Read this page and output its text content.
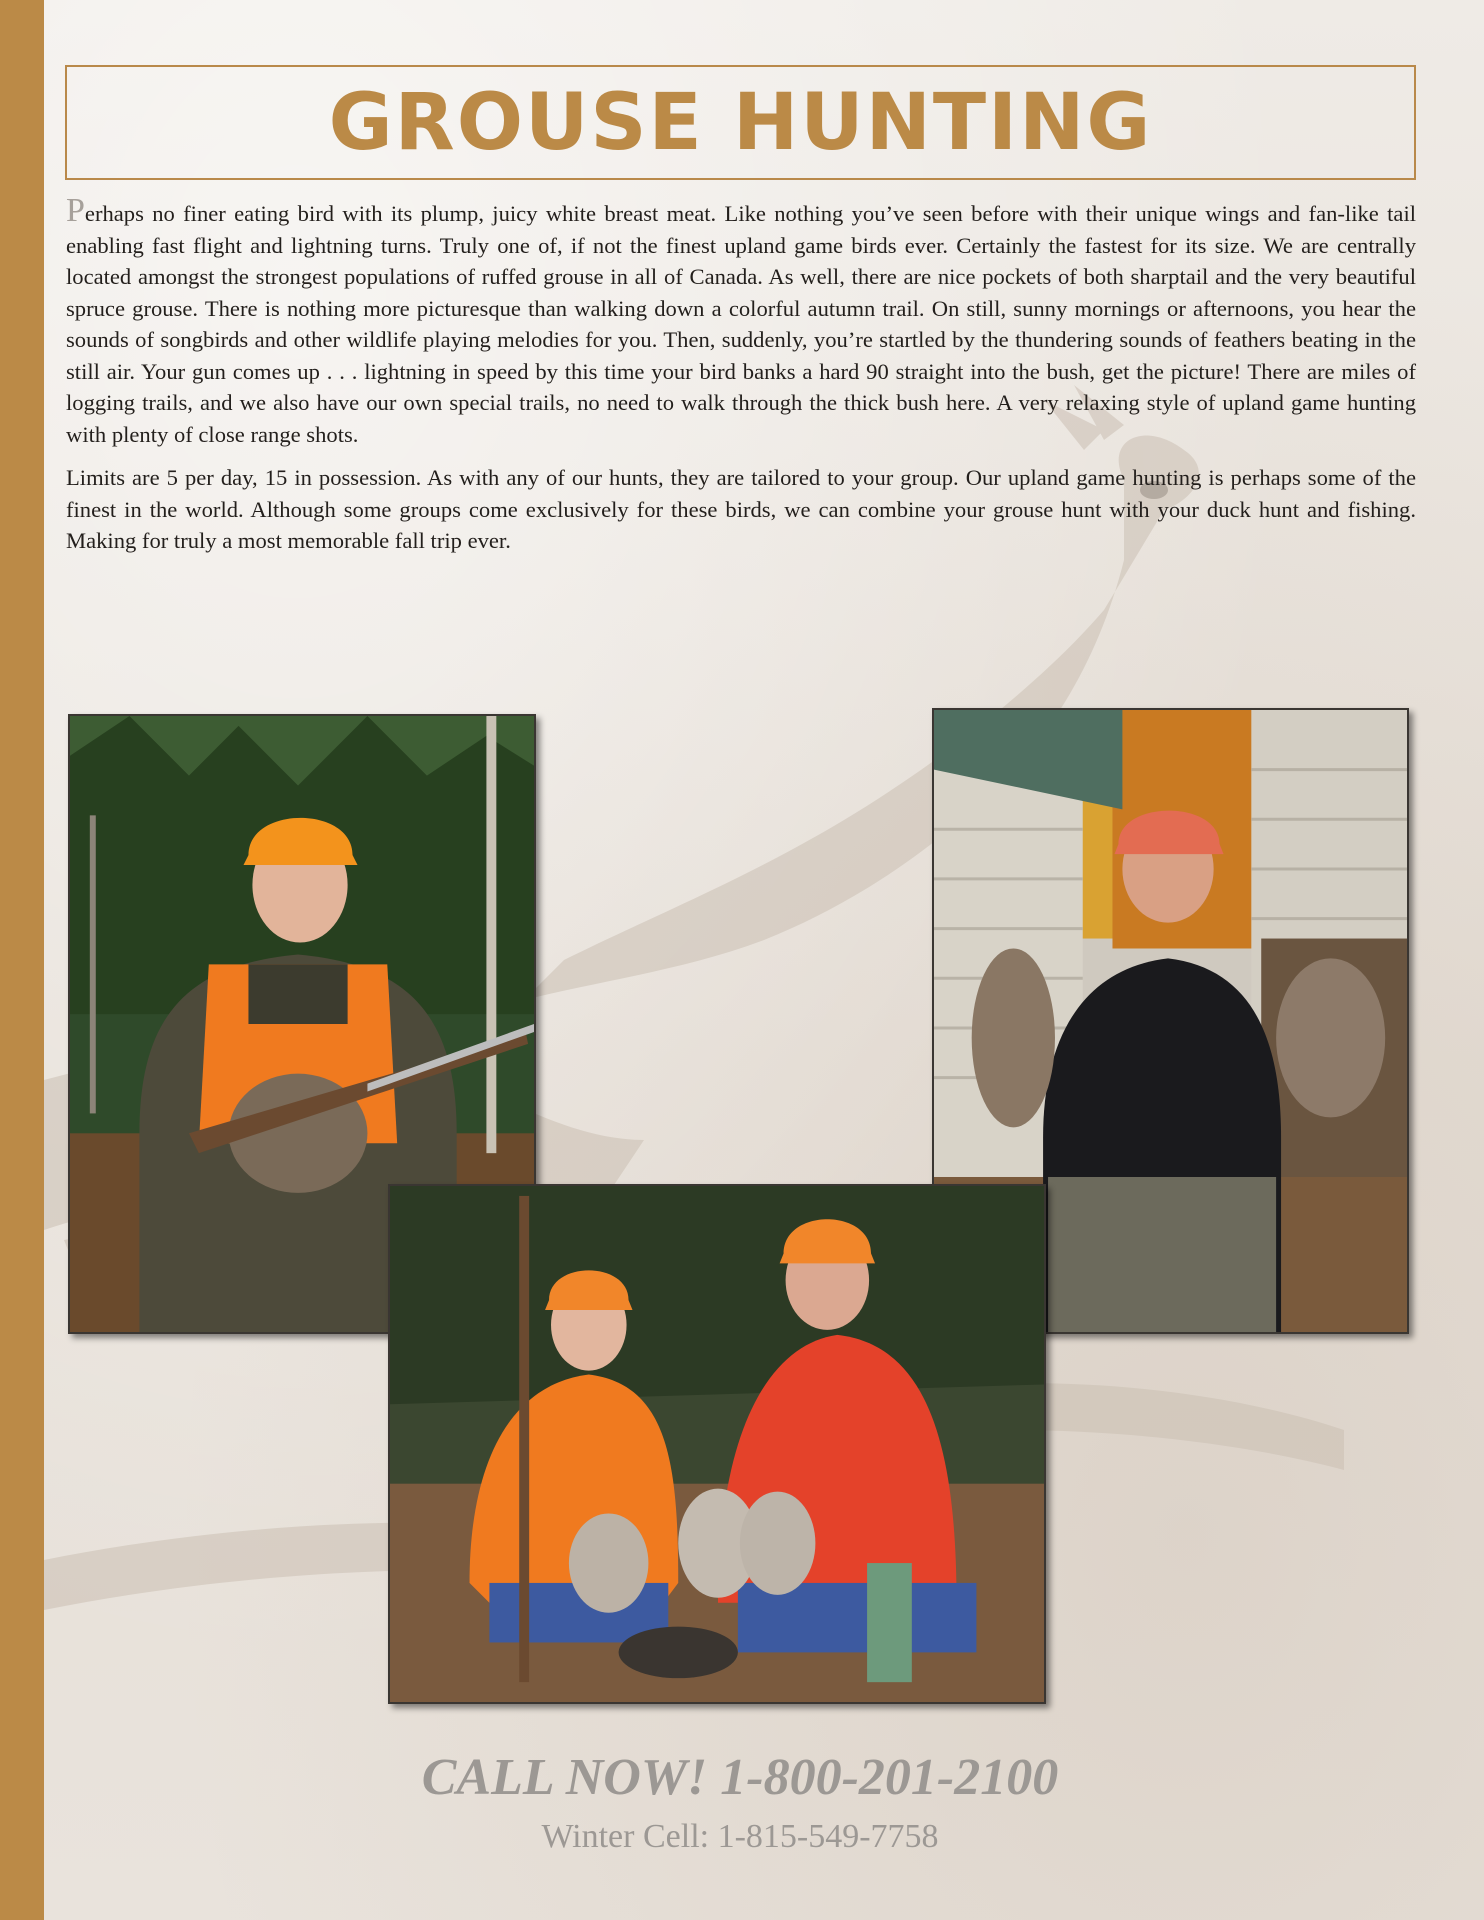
GROUSE HUNTING

Perhaps no finer eating bird with its plump, juicy white breast meat. Like nothing you’ve seen before with their unique wings and fan-like tail enabling fast flight and lightning turns. Truly one of, if not the finest upland game birds ever. Certainly the fastest for its size. We are centrally located amongst the strongest populations of ruffed grouse in all of Canada. As well, there are nice pockets of both sharptail and the very beautiful spruce grouse. There is nothing more picturesque than walking down a colorful autumn trail. On still, sunny mornings or afternoons, you hear the sounds of songbirds and other wildlife playing melodies for you. Then, suddenly, you’re startled by the thundering sounds of feathers beating in the still air. Your gun comes up . . . lightning in speed by this time your bird banks a hard 90 straight into the bush, get the picture! There are miles of logging trails, and we also have our own special trails, no need to walk through the thick bush here. A very relaxing style of upland game hunting with plenty of close range shots.

Limits are 5 per day, 15 in possession. As with any of our hunts, they are tailored to your group. Our upland game hunting is perhaps some of the finest in the world. Although some groups come exclusively for these birds, we can combine your grouse hunt with your duck hunt and fishing. Making for truly a most memorable fall trip ever.

CALL NOW! 1-800-201-2100
Winter Cell: 1-815-549-7758
